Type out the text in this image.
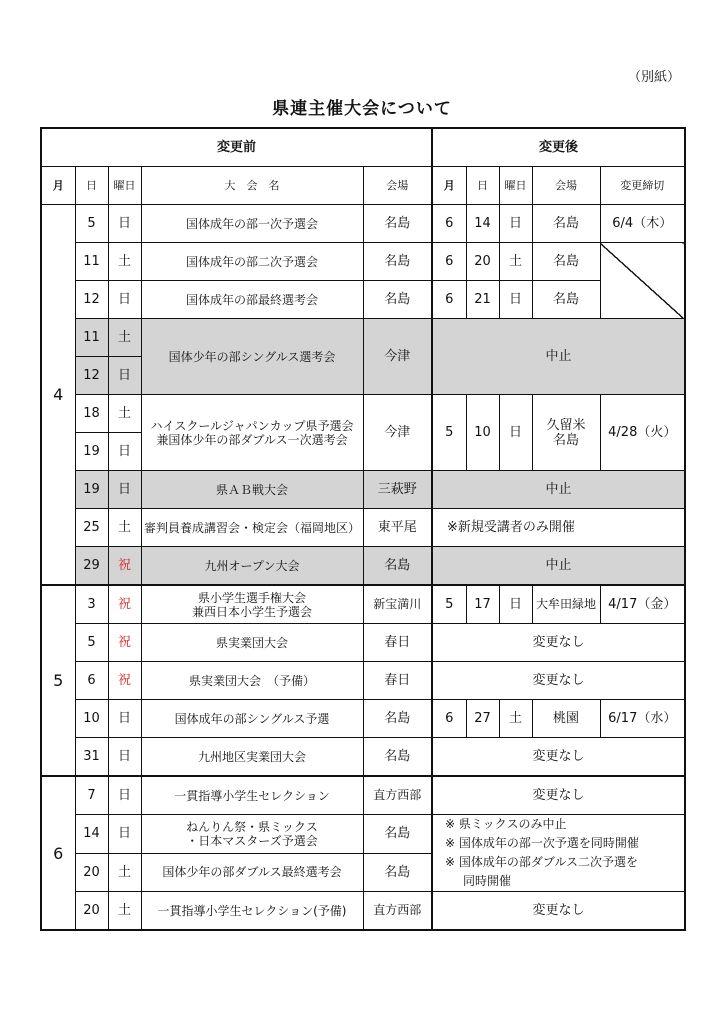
（別紙）
県連主催大会について
変更前					変更後				
月	日	曜日	大　会　名	会場	月	日	曜日	会場	変更締切
4	5	日	国体成年の部一次予選会	名島	6	14	日	名島	6/4（木）
	11	土	国体成年の部二次予選会	名島	6	20	土	名島	
	12	日	国体成年の部最終選考会	名島	6	21	日	名島	
	11	土	国体少年の部シングルス選考会	今津	中止				
	12	日							
	18	土	ハイスクールジャパンカップ県予選会
兼国体少年の部ダブルス一次選考会	今津	5	10	日	久留米
名島	4/28（火）
	19	日							
	19	日	県ＡＢ戦大会	三萩野	中止				
	25	土	審判員養成講習会・検定会（福岡地区）	東平尾	※新規受講者のみ開催				
	29	祝	九州オープン大会	名島	中止				
5	3	祝	県小学生選手権大会
兼西日本小学生予選会	新宝満川	5	17	日	大牟田緑地	4/17（金）
	5	祝	県実業団大会	春日	変更なし				
	6	祝	県実業団大会　（予備）	春日	変更なし				
	10	日	国体成年の部シングルス予選	名島	6	27	土	桃園	6/17（水）
	31	日	九州地区実業団大会	名島	変更なし				
6	7	日	一貫指導小学生セレクション	直方西部	変更なし				
	14	日	ねんりん祭・県ミックス
・日本マスターズ予選会	名島	※ 県ミックスのみ中止
※ 国体成年の部一次予選を同時開催				

	20	土	国体少年の部ダブルス最終選考会	名島	※ 国体成年の部ダブルス二次予選を
同時開催				

	20	土	一貫指導小学生セレクション(予備)	直方西部	変更なし				
